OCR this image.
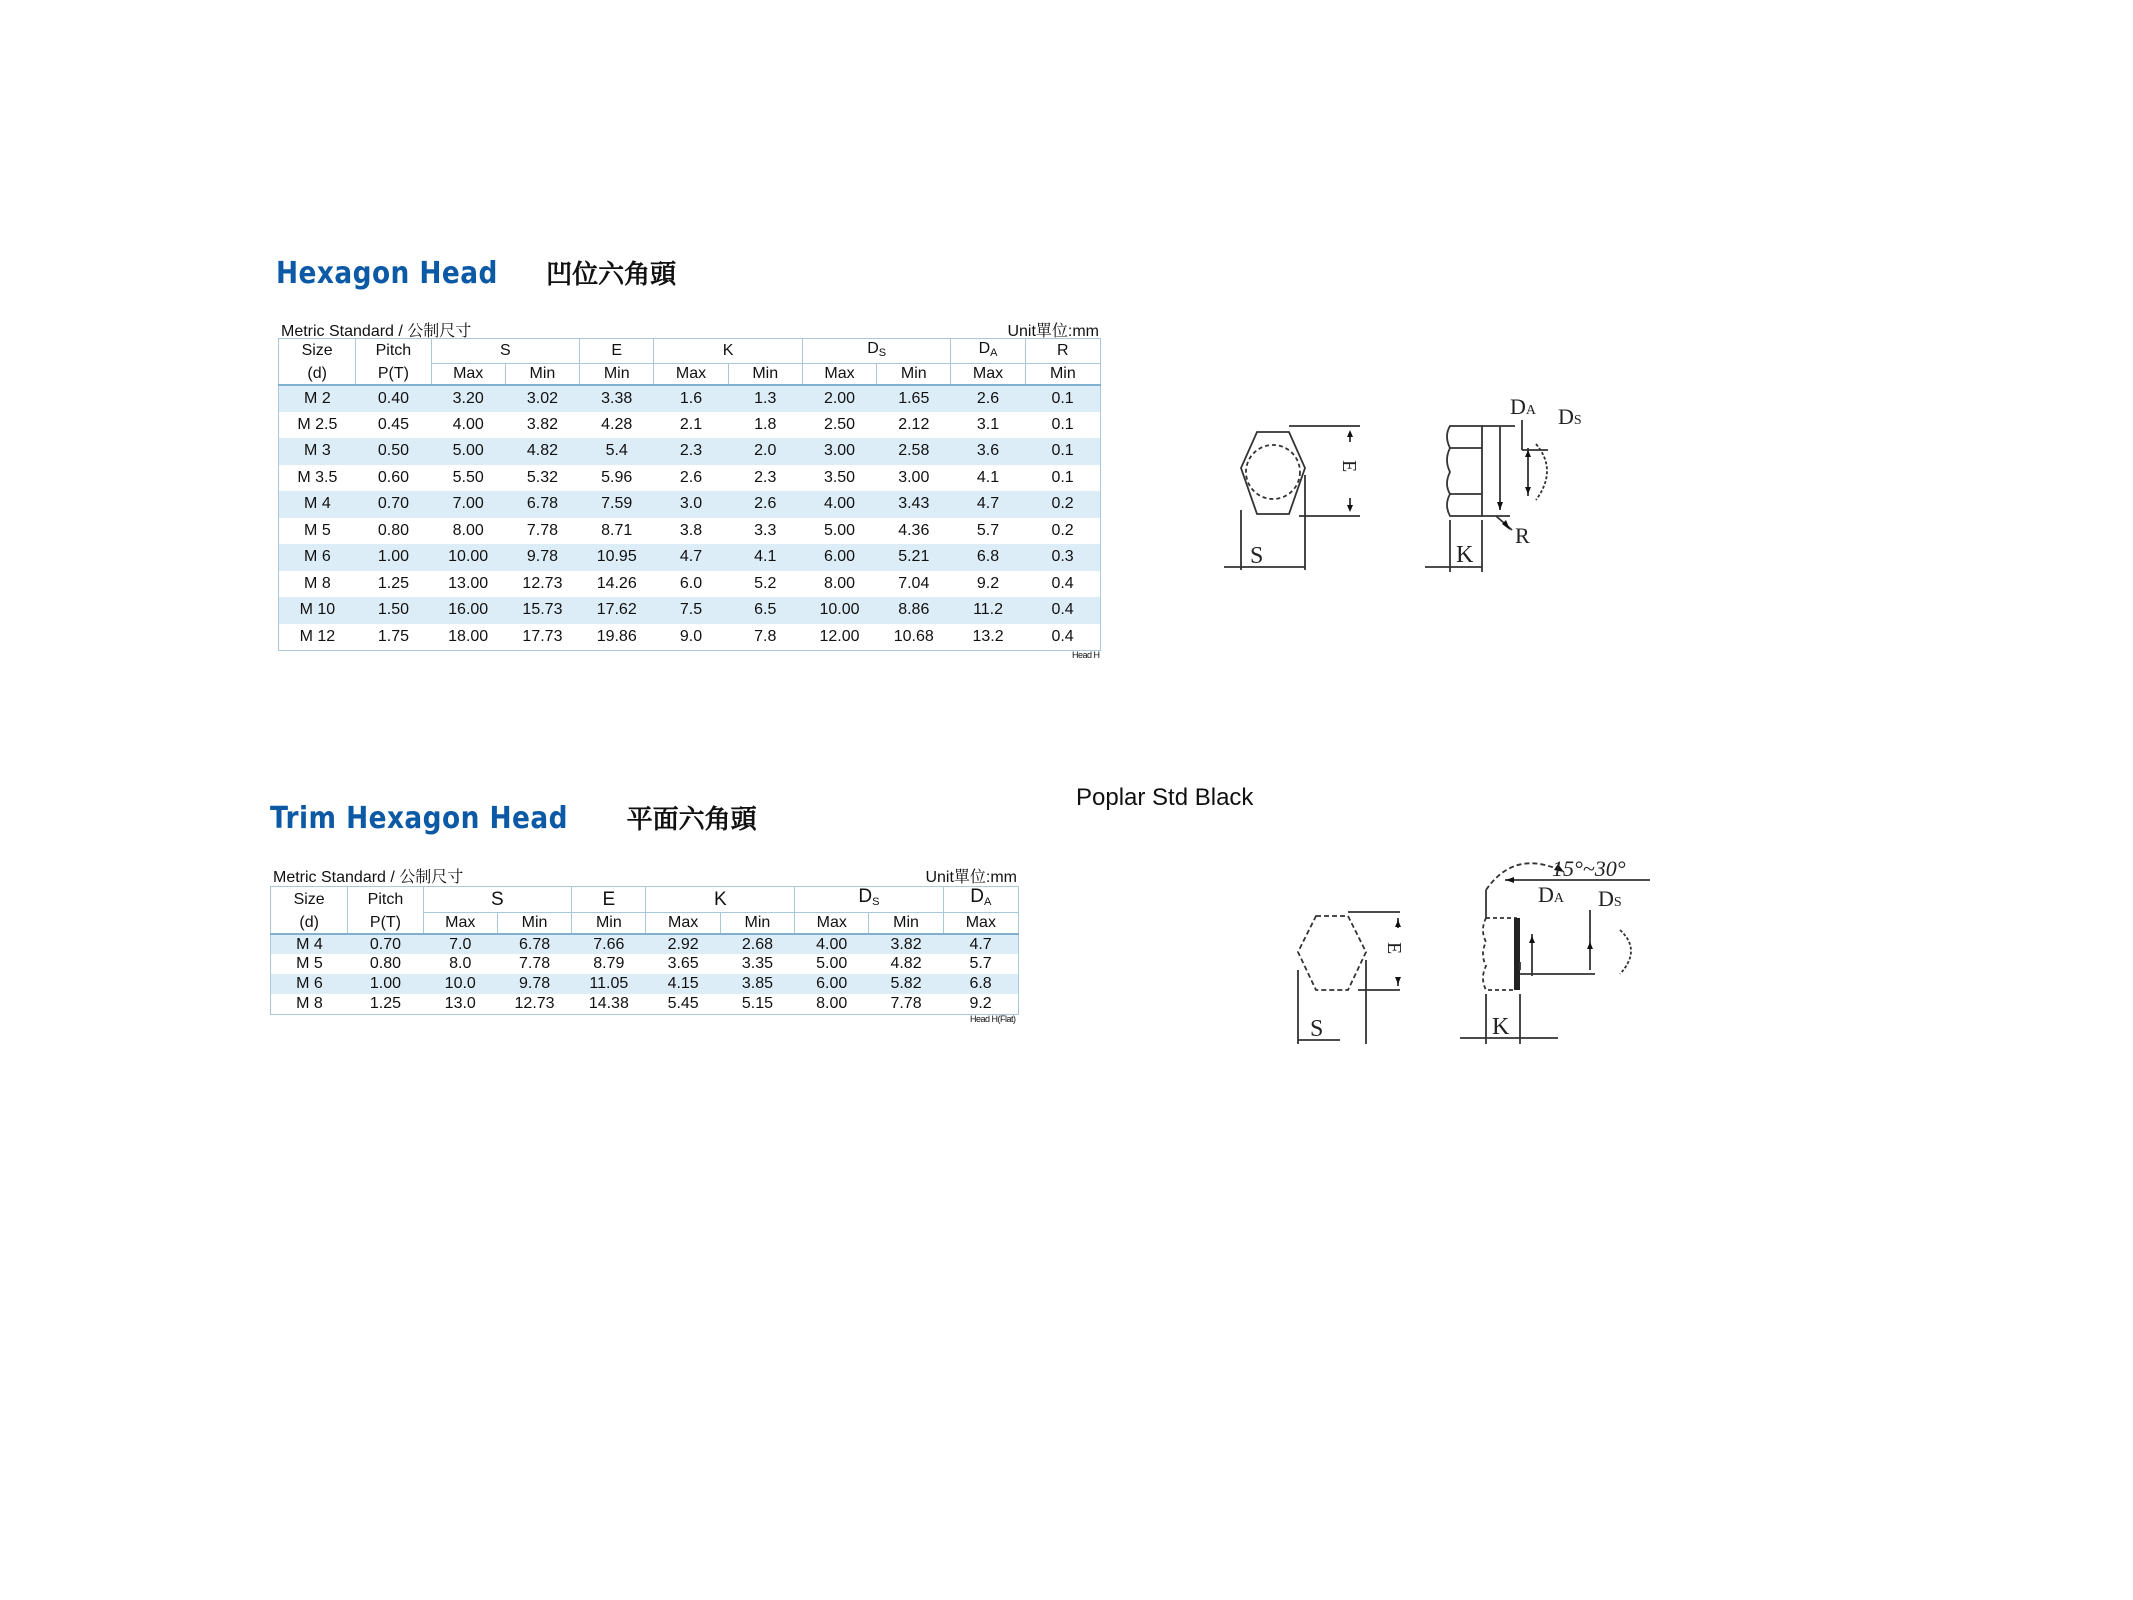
Hexagon Head 凹位六角頭
Metric Standard / 公制尺寸	Unit單位:mm
Size	Pitch	S		E	K		$D_S$		$D_A$	R
(d)	P(T)	Max	Min	Min	Max	Min	Max	Min	Max	Min
M 2	0.40	3.20	3.02	3.38	1.6	1.3	2.00	1.65	2.6	0.1
M 2.5	0.45	4.00	3.82	4.28	2.1	1.8	2.50	2.12	3.1	0.1
M 3	0.50	5.00	4.82	5.4	2.3	2.0	3.00	2.58	3.6	0.1
M 3.5	0.60	5.50	5.32	5.96	2.6	2.3	3.50	3.00	4.1	0.1
M 4	0.70	7.00	6.78	7.59	3.0	2.6	4.00	3.43	4.7	0.2
M 5	0.80	8.00	7.78	8.71	3.8	3.3	5.00	4.36	5.7	0.2
M 6	1.00	10.00	9.78	10.95	4.7	4.1	6.00	5.21	6.8	0.3
M 8	1.25	13.00	12.73	14.26	6.0	5.2	8.00	7.04	9.2	0.4
M 10	1.50	16.00	15.73	17.62	7.5	6.5	10.00	8.86	11.2	0.4
M 12	1.75	18.00	17.73	19.86	9.0	7.8	12.00	10.68	13.2	0.4
Head H
S
E
K
R
DA DS
Trim Hexagon Head 平面六角頭
Poplar Std Black
Metric Standard / 公制尺寸	Unit單位:mm
Size	Pitch	S		E	K		$D_S$		$D_A$
(d)	P(T)	Max	Min	Min	Max	Min	Max	Min	Max
M 4	0.70	7.0	6.78	7.66	2.92	2.68	4.00	3.82	4.7
M 5	0.80	8.0	7.78	8.79	3.65	3.35	5.00	4.82	5.7
M 6	1.00	10.0	9.78	11.05	4.15	3.85	6.00	5.82	6.8
M 8	1.25	13.0	12.73	14.38	5.45	5.15	8.00	7.78	9.2
Head H(Flat)	S
E
K
DA DS
15°~30°
